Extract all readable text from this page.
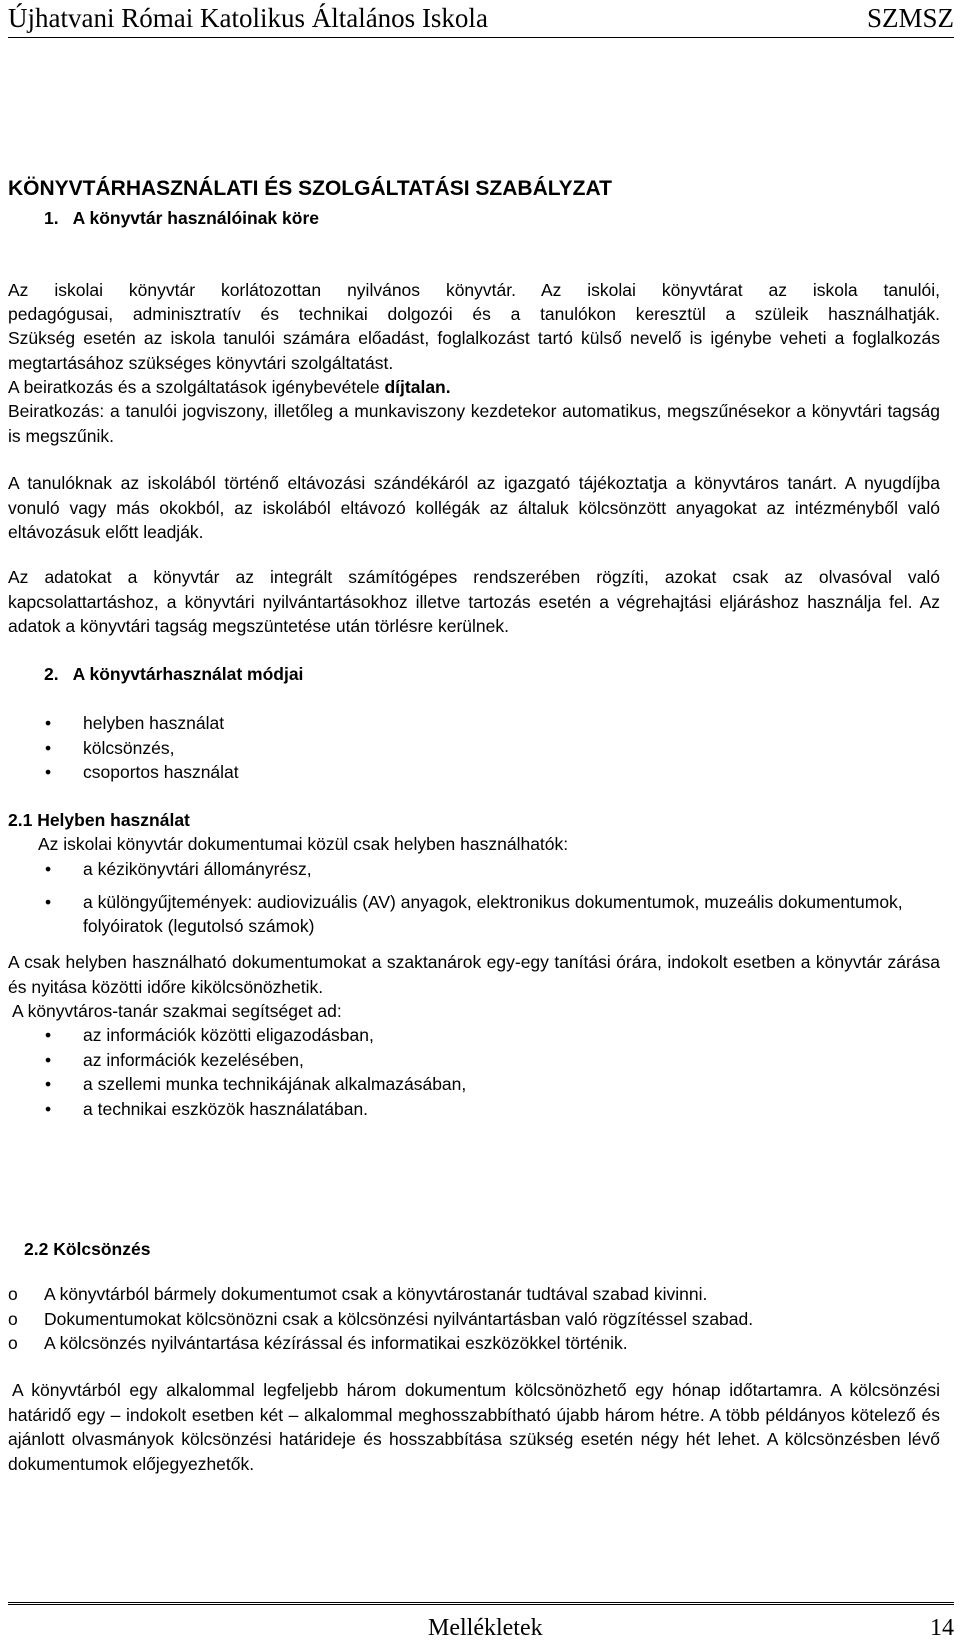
Újhatvani Római Katolikus Általános Iskola	SZMSZ
KÖNYVTÁRHASZNÁLATI ÉS SZOLGÁLTATÁSI SZABÁLYZAT
1. A könyvtár használóinak köre
Az iskolai könyvtár korlátozottan nyilvános könyvtár. Az iskolai könyvtárat az iskola tanulói,
pedagógusai, adminisztratív és technikai dolgozói és a tanulókon keresztül a szüleik használhatják.
Szükség esetén az iskola tanulói számára előadást, foglalkozást tartó külső nevelő is igénybe veheti a foglalkozás megtartásához szükséges könyvtári szolgáltatást.
A beiratkozás és a szolgáltatások igénybevétele díjtalan.
Beiratkozás: a tanulói jogviszony, illetőleg a munkaviszony kezdetekor automatikus, megszűnésekor a könyvtári tagság is megszűnik.
A tanulóknak az iskolából történő eltávozási szándékáról az igazgató tájékoztatja a könyvtáros tanárt. A nyugdíjba vonuló vagy más okokból, az iskolából eltávozó kollégák az általuk kölcsönzött anyagokat az intézményből való eltávozásuk előtt leadják.
Az adatokat a könyvtár az integrált számítógépes rendszerében rögzíti, azokat csak az olvasóval való kapcsolattartáshoz, a könyvtári nyilvántartásokhoz illetve tartozás esetén a végrehajtási eljáráshoz használja fel. Az adatok a könyvtári tagság megszüntetése után törlésre kerülnek.
2. A könyvtárhasználat módjai
• helyben használat
• kölcsönzés,
• csoportos használat
2.1 Helyben használat
Az iskolai könyvtár dokumentumai közül csak helyben használhatók:
• a kézikönyvtári állományrész,
• a különgyűjtemények: audiovizuális (AV) anyagok, elektronikus dokumentumok, muzeális dokumentumok, folyóiratok (legutolsó számok)
A csak helyben használható dokumentumokat a szaktanárok egy-egy tanítási órára, indokolt esetben a könyvtár zárása és nyitása közötti időre kikölcsönözhetik.
A könyvtáros-tanár szakmai segítséget ad:
• az információk közötti eligazodásban,
• az információk kezelésében,
• a szellemi munka technikájának alkalmazásában,
• a technikai eszközök használatában.
2.2 Kölcsönzés
o A könyvtárból bármely dokumentumot csak a könyvtárostanár tudtával szabad kivinni.
o Dokumentumokat kölcsönözni csak a kölcsönzési nyilvántartásban való rögzítéssel szabad.
o A kölcsönzés nyilvántartása kézírással és informatikai eszközökkel történik.
A könyvtárból egy alkalommal legfeljebb három dokumentum kölcsönözhető egy hónap időtartamra. A kölcsönzési határidő egy – indokolt esetben két – alkalommal meghosszabbítható újabb három hétre. A több példányos kötelező és ajánlott olvasmányok kölcsönzési határideje és hosszabbítása szükség esetén négy hét lehet. A kölcsönzésben lévő dokumentumok előjegyezhetők.
Mellékletek	14
